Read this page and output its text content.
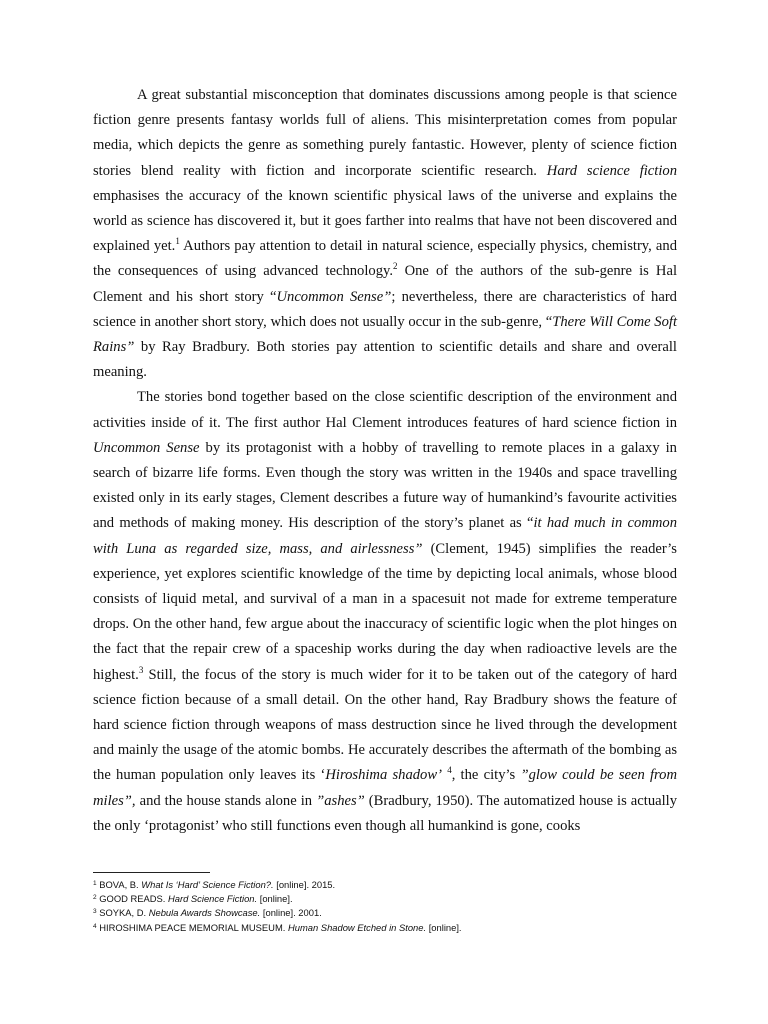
A great substantial misconception that dominates discussions among people is that science fiction genre presents fantasy worlds full of aliens. This misinterpretation comes from popular media, which depicts the genre as something purely fantastic. However, plenty of science fiction stories blend reality with fiction and incorporate scientific research. Hard science fiction emphasises the accuracy of the known scientific physical laws of the universe and explains the world as science has discovered it, but it goes farther into realms that have not been discovered and explained yet.$^1$ Authors pay attention to detail in natural science, especially physics, chemistry, and the consequences of using advanced technology.$^2$ One of the authors of the sub-genre is Hal Clement and his short story “Uncommon Sense”; nevertheless, there are characteristics of hard science in another short story, which does not usually occur in the sub-genre, “There Will Come Soft Rains” by Ray Bradbury. Both stories pay attention to scientific details and share and overall meaning.

The stories bond together based on the close scientific description of the environment and activities inside of it. The first author Hal Clement introduces features of hard science fiction in Uncommon Sense by its protagonist with a hobby of travelling to remote places in a galaxy in search of bizarre life forms. Even though the story was written in the 1940s and space travelling existed only in its early stages, Clement describes a future way of humankind’s favourite activities and methods of making money. His description of the story’s planet as “it had much in common with Luna as regarded size, mass, and airlessness” (Clement, 1945) simplifies the reader’s experience, yet explores scientific knowledge of the time by depicting local animals, whose blood consists of liquid metal, and survival of a man in a spacesuit not made for extreme temperature drops. On the other hand, few argue about the inaccuracy of scientific logic when the plot hinges on the fact that the repair crew of a spaceship works during the day when radioactive levels are the highest.$^3$ Still, the focus of the story is much wider for it to be taken out of the category of hard science fiction because of a small detail. On the other hand, Ray Bradbury shows the feature of hard science fiction through weapons of mass destruction since he lived through the development and mainly the usage of the atomic bombs. He accurately describes the aftermath of the bombing as the human population only leaves its ‘Hiroshima shadow’ $^4$, the city’s ”glow could be seen from miles”, and the house stands alone in ”ashes” (Bradbury, 1950). The automatized house is actually the only ‘protagonist’ who still functions even though all humankind is gone, cooks

$^1$ BOVA, B. What Is ‘Hard’ Science Fiction?. [online]. 2015.
$^2$ GOOD READS. Hard Science Fiction. [online].
$^3$ SOYKA, D. Nebula Awards Showcase. [online]. 2001.
$^4$ HIROSHIMA PEACE MEMORIAL MUSEUM. Human Shadow Etched in Stone. [online].
